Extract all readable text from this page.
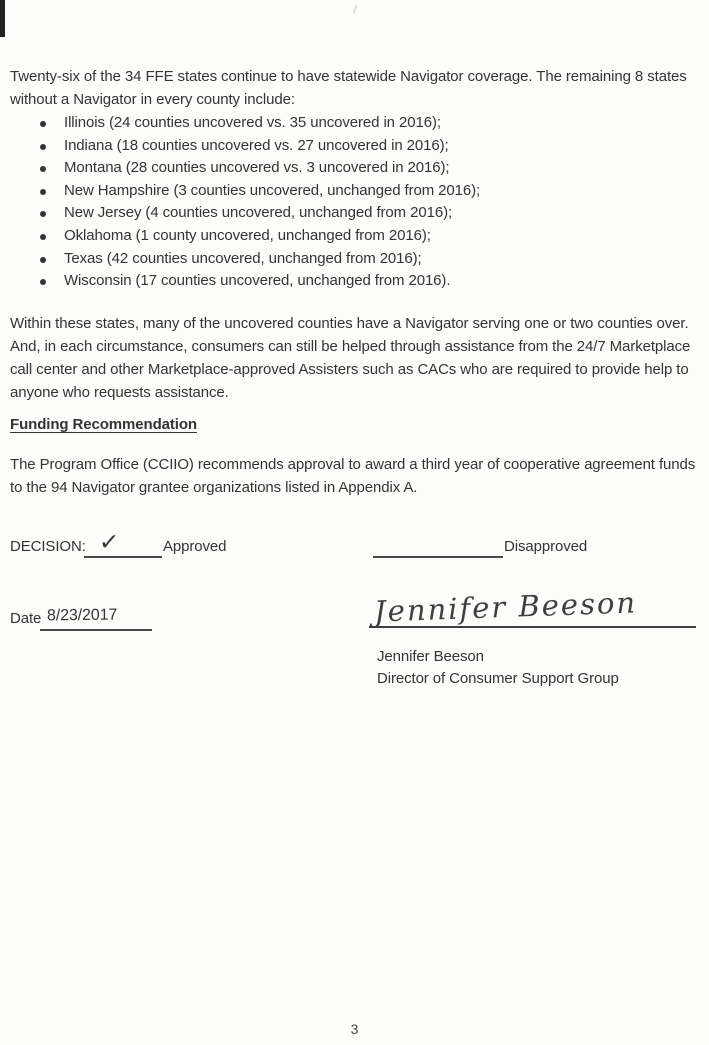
Twenty-six of the 34 FFE states continue to have statewide Navigator coverage. The remaining 8 states without a Navigator in every county include:

Illinois (24 counties uncovered vs. 35 uncovered in 2016);
Indiana (18 counties uncovered vs. 27 uncovered in 2016);
Montana (28 counties uncovered vs. 3 uncovered in 2016);
New Hampshire (3 counties uncovered, unchanged from 2016);
New Jersey (4 counties uncovered, unchanged from 2016);
Oklahoma (1 county uncovered, unchanged from 2016);
Texas (42 counties uncovered, unchanged from 2016);
Wisconsin (17 counties uncovered, unchanged from 2016).

Within these states, many of the uncovered counties have a Navigator serving one or two counties over. And, in each circumstance, consumers can still be helped through assistance from the 24/7 Marketplace call center and other Marketplace-approved Assisters such as CACs who are required to provide help to anyone who requests assistance.

Funding Recommendation

The Program Office (CCIIO) recommends approval to award a third year of cooperative agreement funds to the 94 Navigator grantee organizations listed in Appendix A.

DECISION: ✓	Approved	Disapproved
Date 8/23/2017	Jennifer Beeson
Jennifer Beeson
Director of Consumer Support Group
3
